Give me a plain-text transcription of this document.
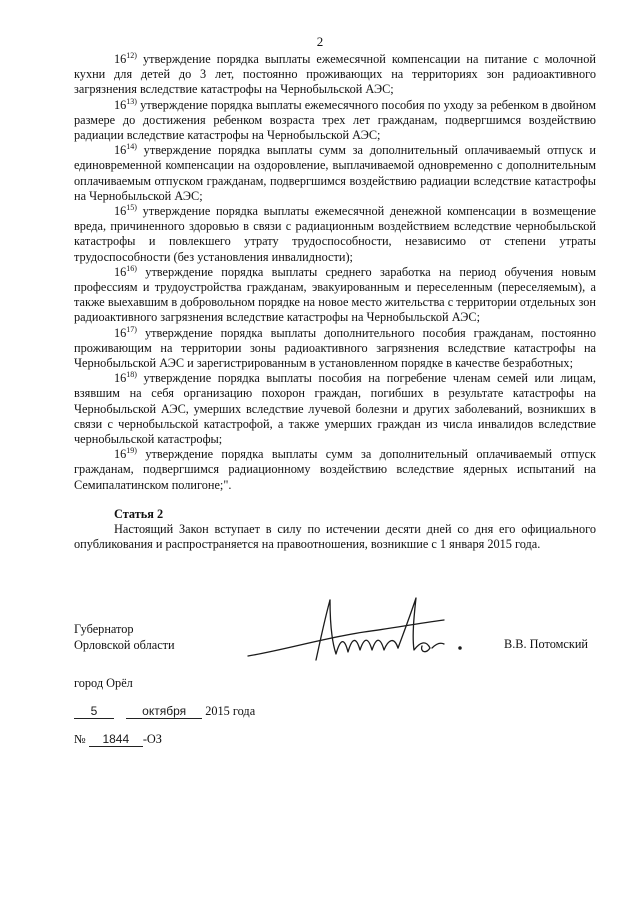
2

16$^{12)}$ утверждение порядка выплаты ежемесячной компенсации на питание с молочной кухни для детей до 3 лет, постоянно проживающих на территориях зон радиоактивного загрязнения вследствие катастрофы на Чернобыльской АЭС;

16$^{13)}$ утверждение порядка выплаты ежемесячного пособия по уходу за ребенком в двойном размере до достижения ребенком возраста трех лет гражданам, подвергшимся воздействию радиации вследствие катастрофы на Чернобыльской АЭС;

16$^{14)}$ утверждение порядка выплаты сумм за дополнительный оплачиваемый отпуск и единовременной компенсации на оздоровление, выплачиваемой одновременно с дополнительным оплачиваемым отпуском гражданам, подвергшимся воздействию радиации вследствие катастрофы на Чернобыльской АЭС;

16$^{15)}$ утверждение порядка выплаты ежемесячной денежной компенсации в возмещение вреда, причиненного здоровью в связи с радиационным воздействием вследствие чернобыльской катастрофы и повлекшего утрату трудоспособности, независимо от степени утраты трудоспособности (без установления инвалидности);

16$^{16)}$ утверждение порядка выплаты среднего заработка на период обучения новым профессиям и трудоустройства гражданам, эвакуированным и переселенным (переселяемым), а также выехавшим в добровольном порядке на новое место жительства с территории отдельных зон радиоактивного загрязнения вследствие катастрофы на Чернобыльской АЭС;

16$^{17)}$ утверждение порядка выплаты дополнительного пособия гражданам, постоянно проживающим на территории зоны радиоактивного загрязнения вследствие катастрофы на Чернобыльской АЭС и зарегистрированным в установленном порядке в качестве безработных;

16$^{18)}$ утверждение порядка выплаты пособия на погребение членам семей или лицам, взявшим на себя организацию похорон граждан, погибших в результате катастрофы на Чернобыльской АЭС, умерших вследствие лучевой болезни и других заболеваний, возникших в связи с чернобыльской катастрофой, а также умерших граждан из числа инвалидов вследствие чернобыльской катастрофы;

16$^{19)}$ утверждение порядка выплаты сумм за дополнительный оплачиваемый отпуск гражданам, подвергшимся радиационному воздействию вследствие ядерных испытаний на Семипалатинском полигоне;".

Статья 2

Настоящий Закон вступает в силу по истечении десяти дней со дня его официального опубликования и распространяется на правоотношения, возникшие с 1 января 2015 года.

Губернатор
Орловской области	В.В. Потомский
город Орёл
5	октября 2015 года
№ 1844 -ОЗ
